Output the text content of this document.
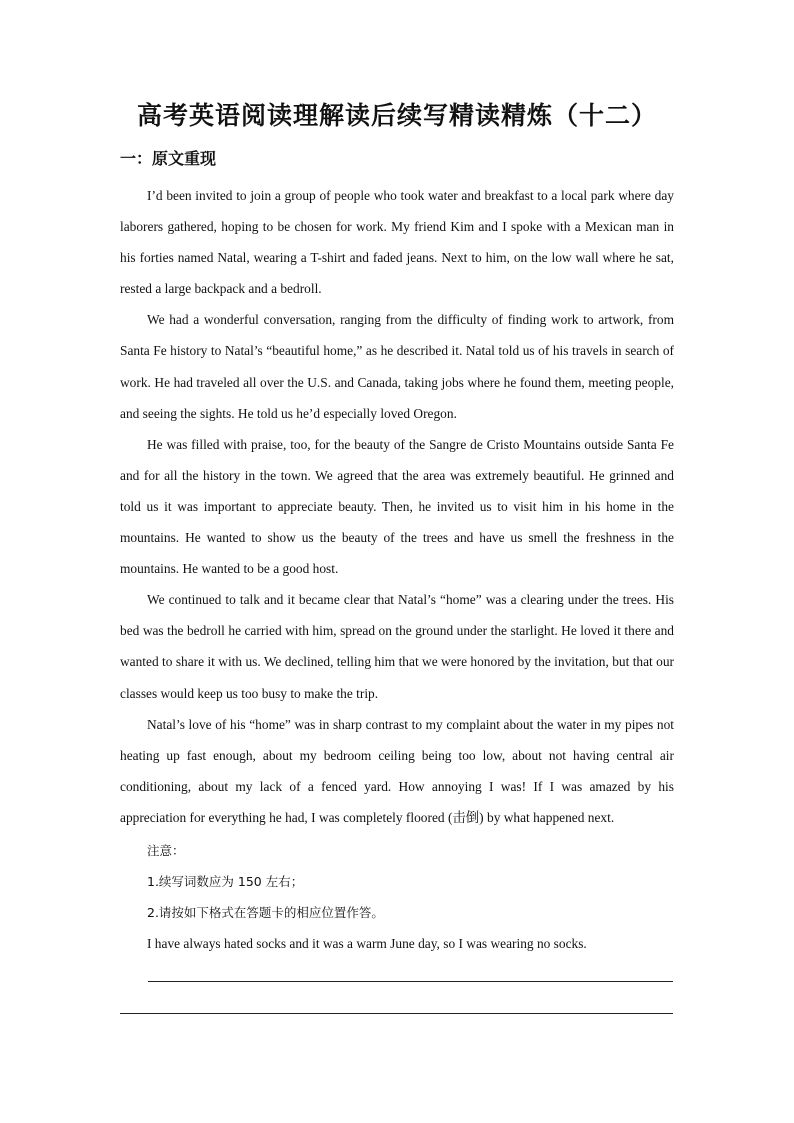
高考英语阅读理解读后续写精读精炼（十二）
一：原文重现

I’d been invited to join a group of people who took water and breakfast to a local park where day laborers gathered, hoping to be chosen for work. My friend Kim and I spoke with a Mexican man in his forties named Natal, wearing a T-shirt and faded jeans. Next to him, on the low wall where he sat, rested a large backpack and a bedroll.

We had a wonderful conversation, ranging from the difficulty of finding work to artwork, from Santa Fe history to Natal’s “beautiful home,” as he described it. Natal told us of his travels in search of work. He had traveled all over the U.S. and Canada, taking jobs where he found them, meeting people, and seeing the sights. He told us he’d especially loved Oregon.

He was filled with praise, too, for the beauty of the Sangre de Cristo Mountains outside Santa Fe and for all the history in the town. We agreed that the area was extremely beautiful. He grinned and told us it was important to appreciate beauty. Then, he invited us to visit him in his home in the mountains. He wanted to show us the beauty of the trees and have us smell the freshness in the mountains. He wanted to be a good host.

We continued to talk and it became clear that Natal’s “home” was a clearing under the trees. His bed was the bedroll he carried with him, spread on the ground under the starlight. He loved it there and wanted to share it with us. We declined, telling him that we were honored by the invitation, but that our classes would keep us too busy to make the trip.

Natal’s love of his “home” was in sharp contrast to my complaint about the water in my pipes not heating up fast enough, about my bedroom ceiling being too low, about not having central air conditioning, about my lack of a fenced yard. How annoying I was! If I was amazed by his appreciation for everything he had, I was completely floored (击倒) by what happened next.

注意：
1.续写词数应为 150 左右；
2.请按如下格式在答题卡的相应位置作答。
I have always hated socks and it was a warm June day, so I was wearing no socks.
